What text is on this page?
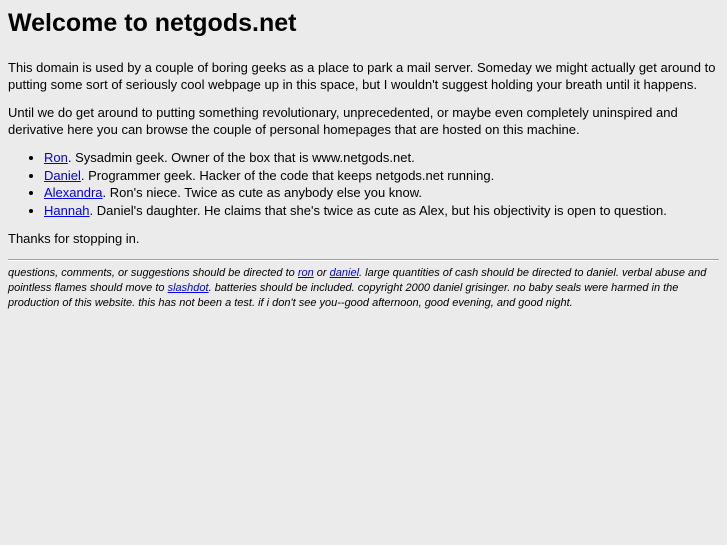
Welcome to netgods.net

This domain is used by a couple of boring geeks as a place to park a mail server. Someday we might actually get around to putting some sort of seriously cool webpage up in this space, but I wouldn't suggest holding your breath until it happens.

Until we do get around to putting something revolutionary, unprecedented, or maybe even completely uninspired and derivative here you can browse the couple of personal homepages that are hosted on this machine.

• Ron. Sysadmin geek. Owner of the box that is www.netgods.net.
• Daniel. Programmer geek. Hacker of the code that keeps netgods.net running.
• Alexandra. Ron's niece. Twice as cute as anybody else you know.
• Hannah. Daniel's daughter. He claims that she's twice as cute as Alex, but his objectivity is open to question.

Thanks for stopping in.

questions, comments, or suggestions should be directed to ron or daniel. large quantities of cash should be directed to daniel. verbal abuse and pointless flames should move to slashdot. batteries should be included. copyright 2000 daniel grisinger. no baby seals were harmed in the production of this website. this has not been a test. if i don't see you--good afternoon, good evening, and good night.
